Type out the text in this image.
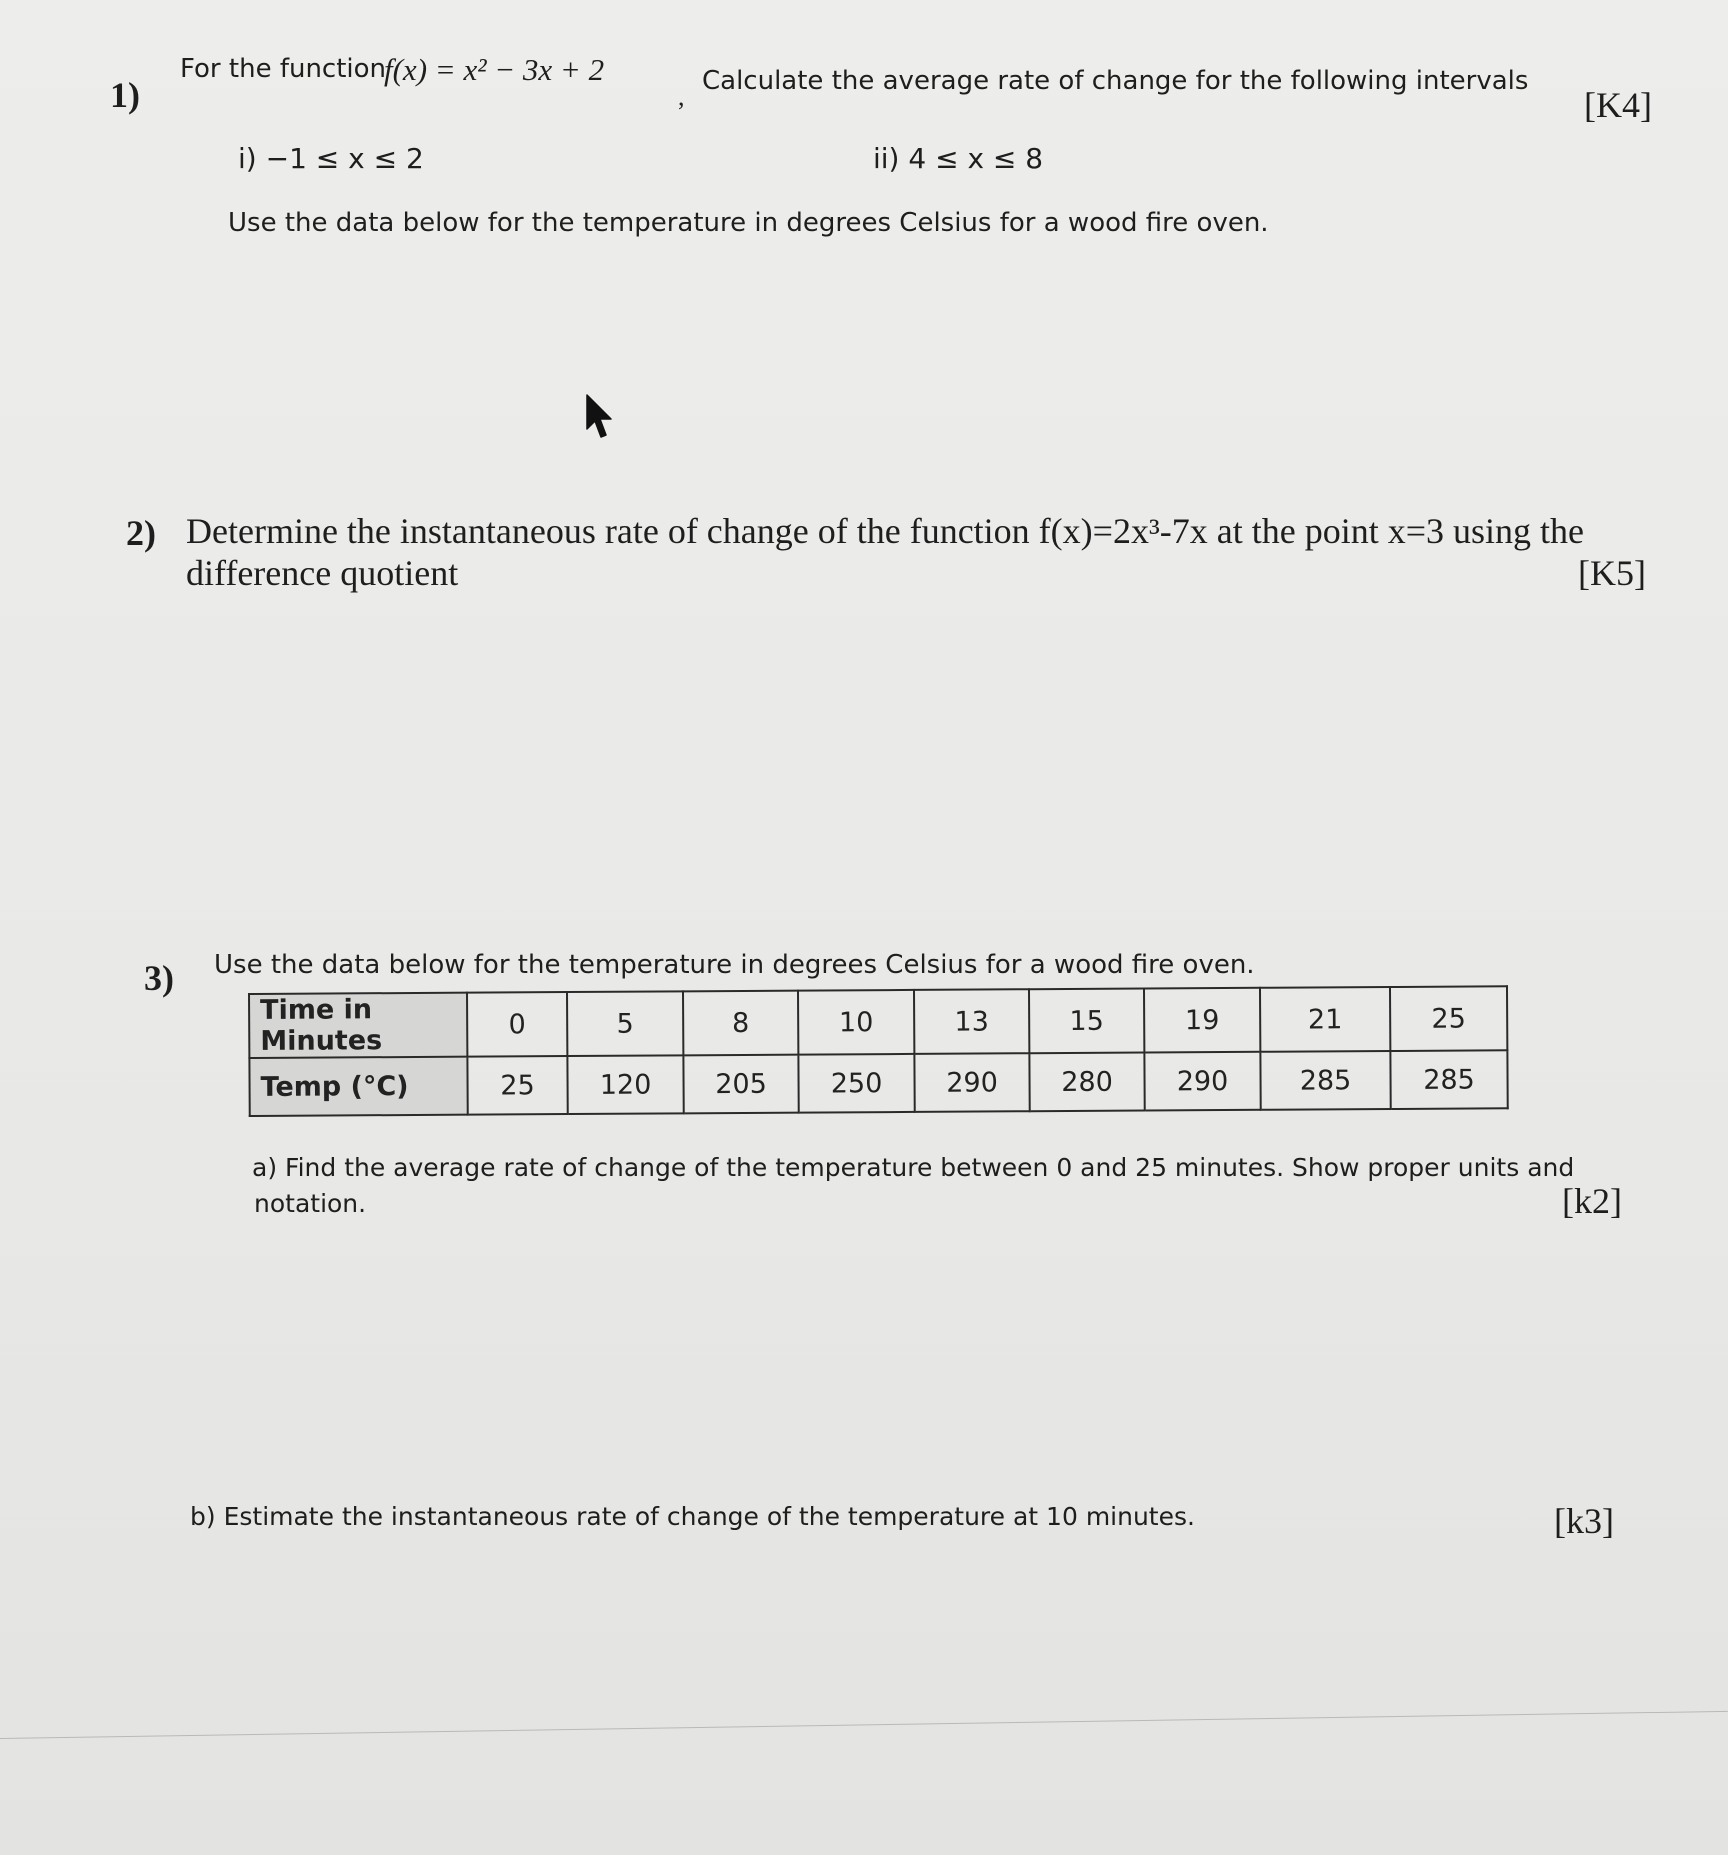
1)
For the function
f(x) = x² − 3x + 2
,
Calculate the average rate of change for the following intervals
[K4]
i) −1 ≤ x ≤ 2	ii) 4 ≤ x ≤ 8
Use the data below for the temperature in degrees Celsius for a wood fire oven.
2) Determine the instantaneous rate of change of the function f(x)=2x³-7x at the point x=3 using the
difference quotient	[K5]
3) Use the data below for the temperature in degrees Celsius for a wood fire oven.
Time in Minutes	0	5	8	10	13	15	19	21	25
Temp (°C)	25	120	205	250	290	280	290	285	285
a) Find the average rate of change of the temperature between 0 and 25 minutes. Show proper units and
notation.	[k2]
b) Estimate the instantaneous rate of change of the temperature at 10 minutes.	[k3]
